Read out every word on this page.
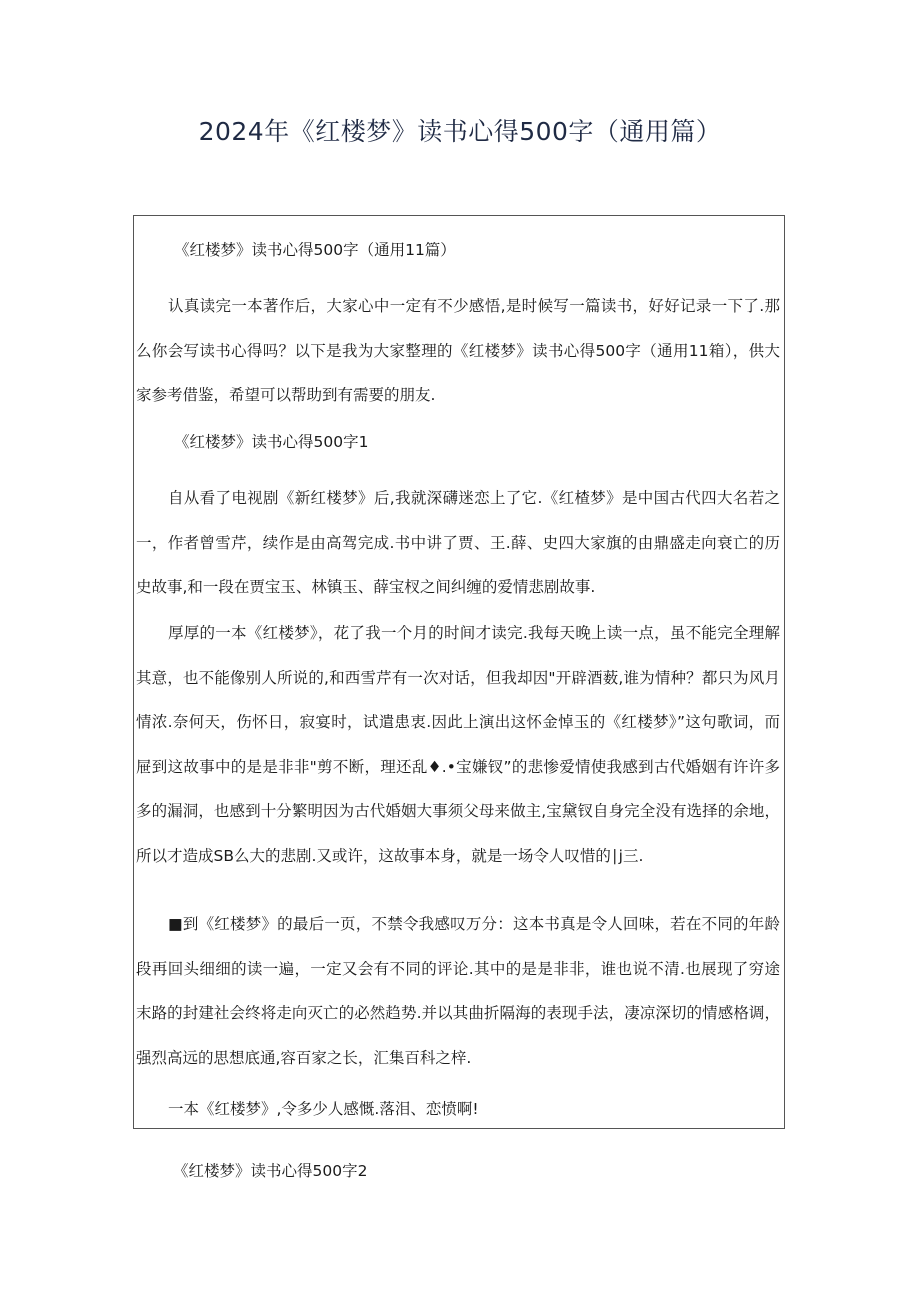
2024年《红楼梦》读书心得500字（通用篇）

《红楼梦》读书心得500字（通用11篇）

认真读完一本著作后，大家心中一定有不少感悟,是时候写一篇读书，好好记录一下了.那么你会写读书心得吗？以下是我为大家整理的《红楼梦》读书心得500字（通用11箱），供大家参考借鉴，希望可以帮助到有需要的朋友.

《红楼梦》读书心得500字1

自从看了电视剧《新红楼梦》后,我就深礴迷恋上了它.《红楂梦》是中国古代四大名若之一，作者曾雪芹，续作是由高驾完成.书中讲了贾、王.薛、史四大家旗的由鼎盛走向衰亡的历史故事,和一段在贾宝玉、林镇玉、薛宝杈之间纠缠的爱情悲剧故事.

厚厚的一本《红楼梦》，花了我一个月的时间才读完.我每天晚上读一点，虽不能完全理解其意，也不能像别人所说的,和西雪芹有一次对话，但我却因"开辟酒薮,谁为情种？都只为风月情浓.奈何天，伤怀日，寂宴时，试遣患衷.因此上演出这怀金悼玉的《红楼梦》”这句歌词，而屉到这故事中的是是非非"剪不断，理还乱♦.•宝嫌钗”的悲惨爱情使我感到古代婚姻有许许多多的漏洞，也感到十分繁明因为古代婚姻大事须父母来做主,宝黛钗自身完全没有选择的余地，所以才造成SB么大的悲剧.又或许，这故事本身，就是一场令人叹惜的∣j三.

■到《红楼梦》的最后一页，不禁令我感叹万分：这本书真是令人回味，若在不同的年龄段再回头细细的读一遍，一定又会有不同的评论.其中的是是非非，谁也说不清.也展现了穷途末路的封建社会终将走向灭亡的必然趋势.并以其曲折隔海的表现手法，凄凉深切的情感格调，强烈高远的思想底通,容百家之长，汇集百科之梓.

一本《红楼梦》,令多少人感慨.落泪、恋愤啊!

《红楼梦》读书心得500字2
